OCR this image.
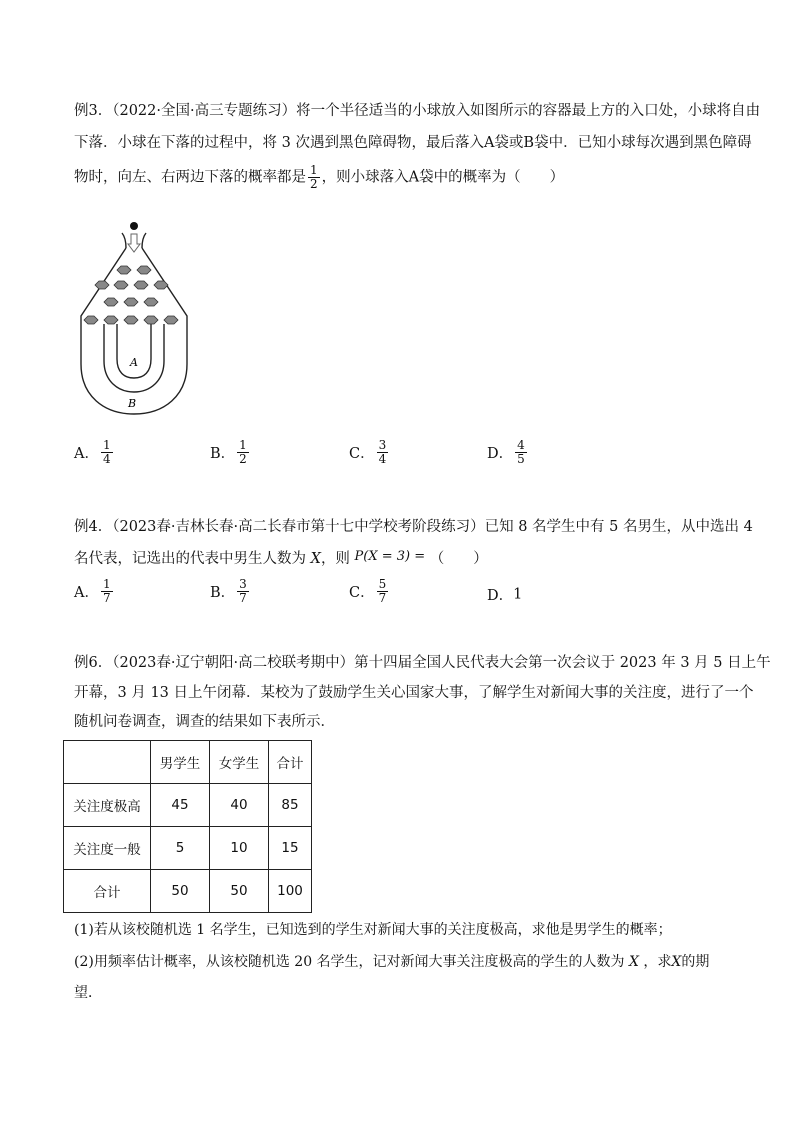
例3．（2022·全国·高三专题练习）将一个半径适当的小球放入如图所示的容器最上方的入口处，小球将自由
下落．小球在下落的过程中，将 3 次遇到黑色障碍物，最后落入A袋或B袋中．已知小球每次遇到黑色障碍
物时，向左、右两边下落的概率都是 $\frac{1}{2}$ ，则小球落入A袋中的概率为（　　）
A
B
A． $\frac{1}{4}$	B． $\frac{1}{2}$	C． $\frac{3}{4}$	D． $\frac{4}{5}$
例4．（2023春·吉林长春·高二长春市第十七中学校考阶段练习）已知 8 名学生中有 5 名男生，从中选出 4
名代表，记选出的代表中男生人数为 X，则 P(X = 3) = （　　）
A． $\frac{1}{7}$	B． $\frac{3}{7}$	C． $\frac{5}{7}$	D．1
例6．（2023春·辽宁朝阳·高二校联考期中）第十四届全国人民代表大会第一次会议于 2023 年 3 月 5 日上午
开幕，3 月 13 日上午闭幕．某校为了鼓励学生关心国家大事，了解学生对新闻大事的关注度，进行了一个
随机问卷调查，调查的结果如下表所示．
	男学生	女学生	合计
关注度极高	45	40	85
关注度一般	5	10	15
合计	50	50	100
(1)若从该校随机选 1 名学生，已知选到的学生对新闻大事的关注度极高，求他是男学生的概率；
(2)用频率估计概率，从该校随机选 20 名学生，记对新闻大事关注度极高的学生的人数为 X ，求X的期
望．
